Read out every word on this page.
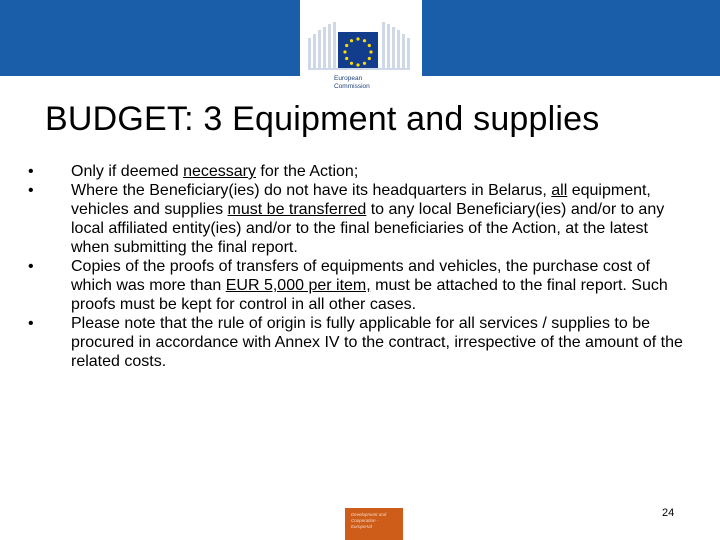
European
Commission
BUDGET: 3 Equipment and supplies
•	Only if deemed necessary for the Action;
•	Where the Beneficiary(ies) do not have its headquarters in Belarus, all equipment, vehicles and supplies must be transferred to any local Beneficiary(ies) and/or to any local affiliated entity(ies) and/or to the final beneficiaries of the Action, at the latest when submitting the final report.
•	Copies of the proofs of transfers of equipments and vehicles, the purchase cost of which was more than EUR 5,000 per item, must be attached to the final report. Such proofs must be kept for control in all other cases.
•	Please note that the rule of origin is fully applicable for all services / supplies to be procured in accordance with Annex IV to the contract, irrespective of the amount of the related costs.
Development and
Cooperation -
EuropeAid
24
